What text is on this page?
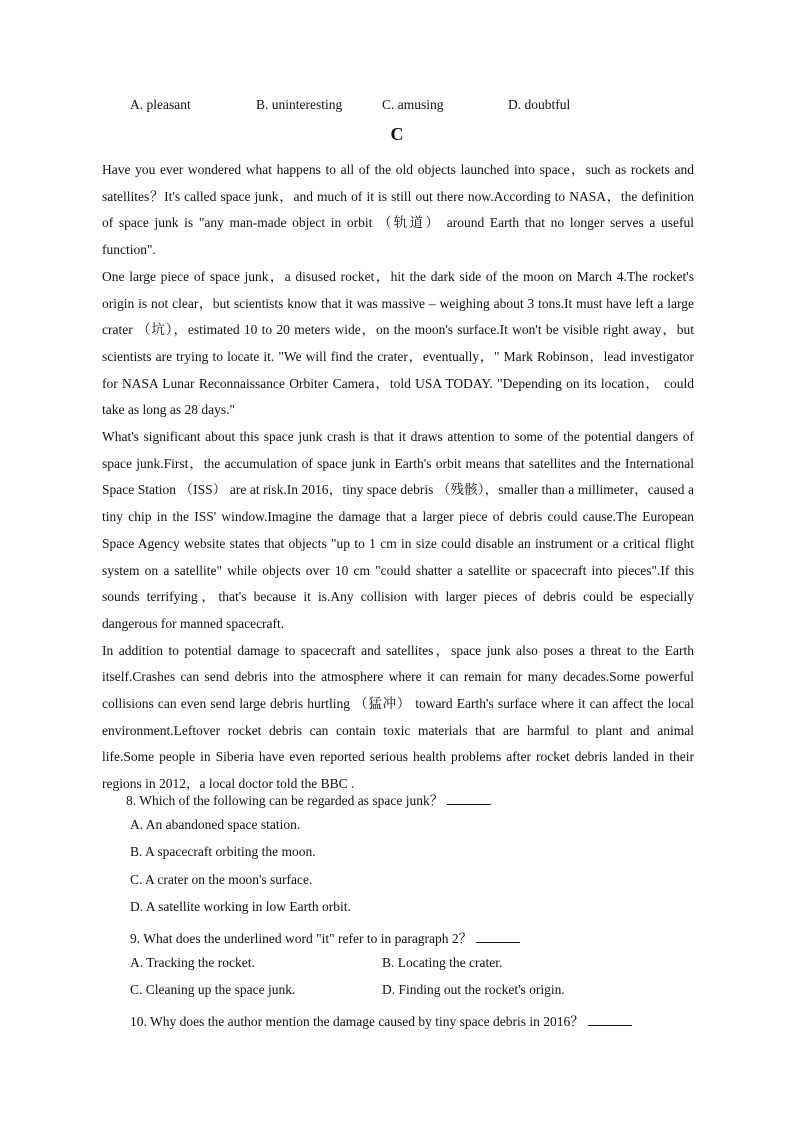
A. pleasant	B. uninteresting	C. amusing	D. doubtful
C

Have you ever wondered what happens to all of the old objects launched into space，such as rockets and satellites？It's called space junk，and much of it is still out there now.According to NASA，the definition of space junk is "any man-made object in orbit （轨道） around Earth that no longer serves a useful function".

One large piece of space junk，a disused rocket，hit the dark side of the moon on March 4.The rocket's origin is not clear，but scientists know that it was massive – weighing about 3 tons.It must have left a large crater （坑），estimated 10 to 20 meters wide，on the moon's surface.It won't be visible right away，but scientists are trying to locate it. "We will find the crater，eventually，" Mark Robinson，lead investigator for NASA Lunar Reconnaissance Orbiter Camera，told USA TODAY. "Depending on its location， could take as long as 28 days."

What's significant about this space junk crash is that it draws attention to some of the potential dangers of space junk.First，the accumulation of space junk in Earth's orbit means that satellites and the International Space Station （ISS） are at risk.In 2016，tiny space debris （残骸），smaller than a millimeter，caused a tiny chip in the ISS' window.Imagine the damage that a larger piece of debris could cause.The European Space Agency website states that objects "up to 1 cm in size could disable an instrument or a critical flight system on a satellite" while objects over 10 cm "could shatter a satellite or spacecraft into pieces".If this sounds terrifying，that's because it is.Any collision with larger pieces of debris could be especially dangerous for manned spacecraft.

In addition to potential damage to spacecraft and satellites，space junk also poses a threat to the Earth itself.Crashes can send debris into the atmosphere where it can remain for many decades.Some powerful collisions can even send large debris hurtling （猛冲） toward Earth's surface where it can affect the local environment.Leftover rocket debris can contain toxic materials that are harmful to plant and animal life.Some people in Siberia have even reported serious health problems after rocket debris landed in their regions in 2012，a local doctor told the BBC .

8. Which of the following can be regarded as space junk？
A. An abandoned space station.
B. A spacecraft orbiting the moon.
C. A crater on the moon's surface.
D. A satellite working in low Earth orbit.
9. What does the underlined word "it" refer to in paragraph 2？
A. Tracking the rocket.	B. Locating the crater.
C. Cleaning up the space junk.	D. Finding out the rocket's origin.
10. Why does the author mention the damage caused by tiny space debris in 2016？
